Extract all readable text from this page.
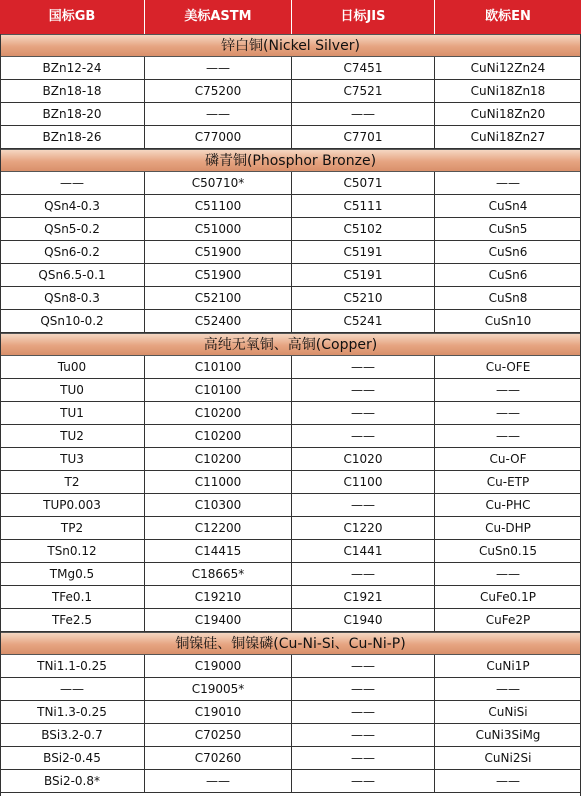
国标GB	美标ASTM	日标JIS	欧标EN
锌白铜(Nickel Silver)
BZn12-24	——	C7451	CuNi12Zn24
BZn18-18	C75200	C7521	CuNi18Zn18
BZn18-20	——	——	CuNi18Zn20
BZn18-26	C77000	C7701	CuNi18Zn27
磷青铜(Phosphor Bronze)
——	C50710*	C5071	——
QSn4-0.3	C51100	C5111	CuSn4
QSn5-0.2	C51000	C5102	CuSn5
QSn6-0.2	C51900	C5191	CuSn6
QSn6.5-0.1	C51900	C5191	CuSn6
QSn8-0.3	C52100	C5210	CuSn8
QSn10-0.2	C52400	C5241	CuSn10
高纯无氧铜、高铜(Copper)
Tu00	C10100	——	Cu-OFE
TU0	C10100	——	——
TU1	C10200	——	——
TU2	C10200	——	——
TU3	C10200	C1020	Cu-OF
T2	C11000	C1100	Cu-ETP
TUP0.003	C10300	——	Cu-PHC
TP2	C12200	C1220	Cu-DHP
TSn0.12	C14415	C1441	CuSn0.15
TMg0.5	C18665*	——	——
TFe0.1	C19210	C1921	CuFe0.1P
TFe2.5	C19400	C1940	CuFe2P
铜镍硅、铜镍磷(Cu-Ni-Si、Cu-Ni-P)
TNi1.1-0.25	C19000	——	CuNi1P
——	C19005*	——	——
TNi1.3-0.25	C19010	——	CuNiSi
BSi3.2-0.7	C70250	——	CuNi3SiMg
BSi2-0.45	C70260	——	CuNi2Si
BSi2-0.8*	——	——	——
